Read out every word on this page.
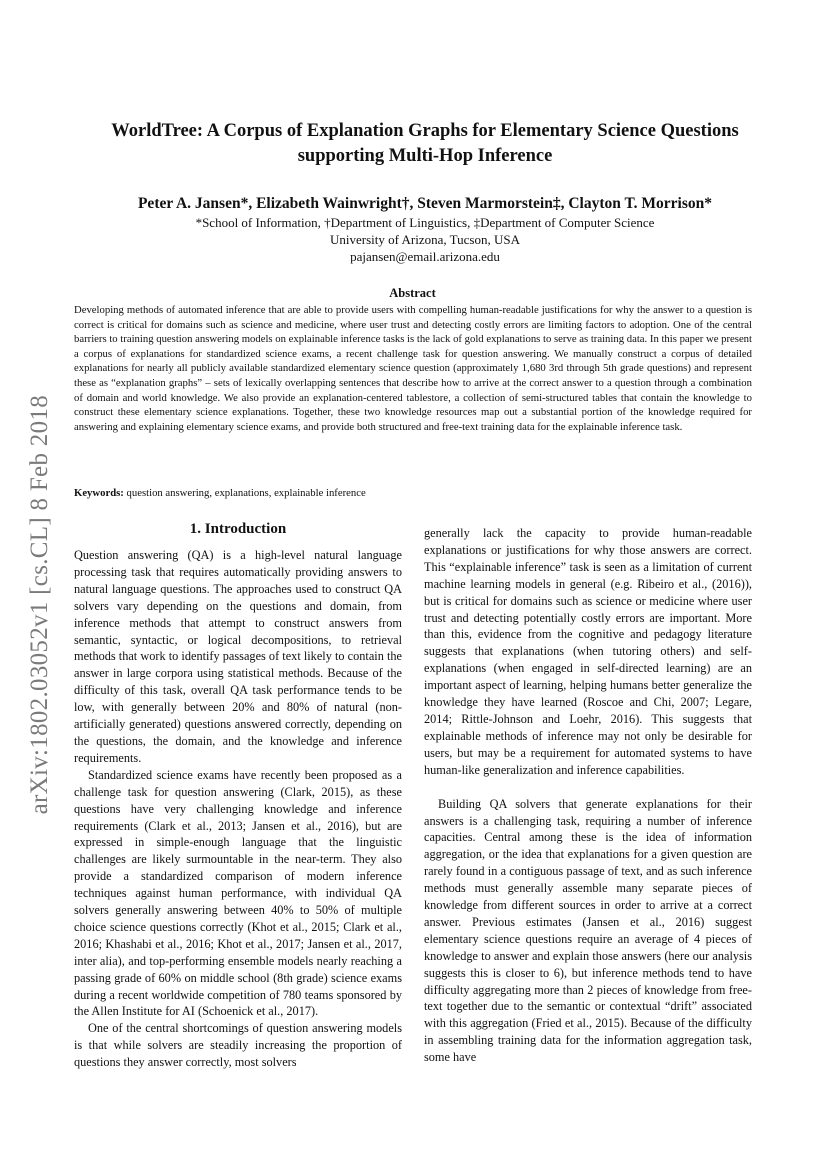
arXiv:1802.03052v1 [cs.CL] 8 Feb 2018
WorldTree: A Corpus of Explanation Graphs for Elementary Science Questions supporting Multi-Hop Inference
Peter A. Jansen*, Elizabeth Wainwright†, Steven Marmorstein‡, Clayton T. Morrison*
*School of Information, †Department of Linguistics, ‡Department of Computer Science
University of Arizona, Tucson, USA
pajansen@email.arizona.edu
Abstract

Developing methods of automated inference that are able to provide users with compelling human-readable justifications for why the answer to a question is correct is critical for domains such as science and medicine, where user trust and detecting costly errors are limiting factors to adoption. One of the central barriers to training question answering models on explainable inference tasks is the lack of gold explanations to serve as training data. In this paper we present a corpus of explanations for standardized science exams, a recent challenge task for question answering. We manually construct a corpus of detailed explanations for nearly all publicly available standardized elementary science question (approximately 1,680 3rd through 5th grade questions) and represent these as “explanation graphs” – sets of lexically overlapping sentences that describe how to arrive at the correct answer to a question through a combination of domain and world knowledge. We also provide an explanation-centered tablestore, a collection of semi-structured tables that contain the knowledge to construct these elementary science explanations. Together, these two knowledge resources map out a substantial portion of the knowledge required for answering and explaining elementary science exams, and provide both structured and free-text training data for the explainable inference task.

Keywords: question answering, explanations, explainable inference
1. Introduction

Question answering (QA) is a high-level natural language processing task that requires automatically providing answers to natural language questions. The approaches used to construct QA solvers vary depending on the questions and domain, from inference methods that attempt to construct answers from semantic, syntactic, or logical decompositions, to retrieval methods that work to identify passages of text likely to contain the answer in large corpora using statistical methods. Because of the difficulty of this task, overall QA task performance tends to be low, with generally between 20% and 80% of natural (non-artificially generated) questions answered correctly, depending on the questions, the domain, and the knowledge and inference requirements.

Standardized science exams have recently been proposed as a challenge task for question answering (Clark, 2015), as these questions have very challenging knowledge and inference requirements (Clark et al., 2013; Jansen et al., 2016), but are expressed in simple-enough language that the linguistic challenges are likely surmountable in the near-term. They also provide a standardized comparison of modern inference techniques against human performance, with individual QA solvers generally answering between 40% to 50% of multiple choice science questions correctly (Khot et al., 2015; Clark et al., 2016; Khashabi et al., 2016; Khot et al., 2017; Jansen et al., 2017, inter alia), and top-performing ensemble models nearly reaching a passing grade of 60% on middle school (8th grade) science exams during a recent worldwide competition of 780 teams sponsored by the Allen Institute for AI (Schoenick et al., 2017).

One of the central shortcomings of question answering models is that while solvers are steadily increasing the proportion of questions they answer correctly, most solvers

generally lack the capacity to provide human-readable explanations or justifications for why those answers are correct. This “explainable inference” task is seen as a limitation of current machine learning models in general (e.g. Ribeiro et al., (2016)), but is critical for domains such as science or medicine where user trust and detecting potentially costly errors are important. More than this, evidence from the cognitive and pedagogy literature suggests that explanations (when tutoring others) and self-explanations (when engaged in self-directed learning) are an important aspect of learning, helping humans better generalize the knowledge they have learned (Roscoe and Chi, 2007; Legare, 2014; Rittle-Johnson and Loehr, 2016). This suggests that explainable methods of inference may not only be desirable for users, but may be a requirement for automated systems to have human-like generalization and inference capabilities.

Building QA solvers that generate explanations for their answers is a challenging task, requiring a number of inference capacities. Central among these is the idea of information aggregation, or the idea that explanations for a given question are rarely found in a contiguous passage of text, and as such inference methods must generally assemble many separate pieces of knowledge from different sources in order to arrive at a correct answer. Previous estimates (Jansen et al., 2016) suggest elementary science questions require an average of 4 pieces of knowledge to answer and explain those answers (here our analysis suggests this is closer to 6), but inference methods tend to have difficulty aggregating more than 2 pieces of knowledge from free-text together due to the semantic or contextual “drift” associated with this aggregation (Fried et al., 2015). Because of the difficulty in assembling training data for the information aggregation task, some have
